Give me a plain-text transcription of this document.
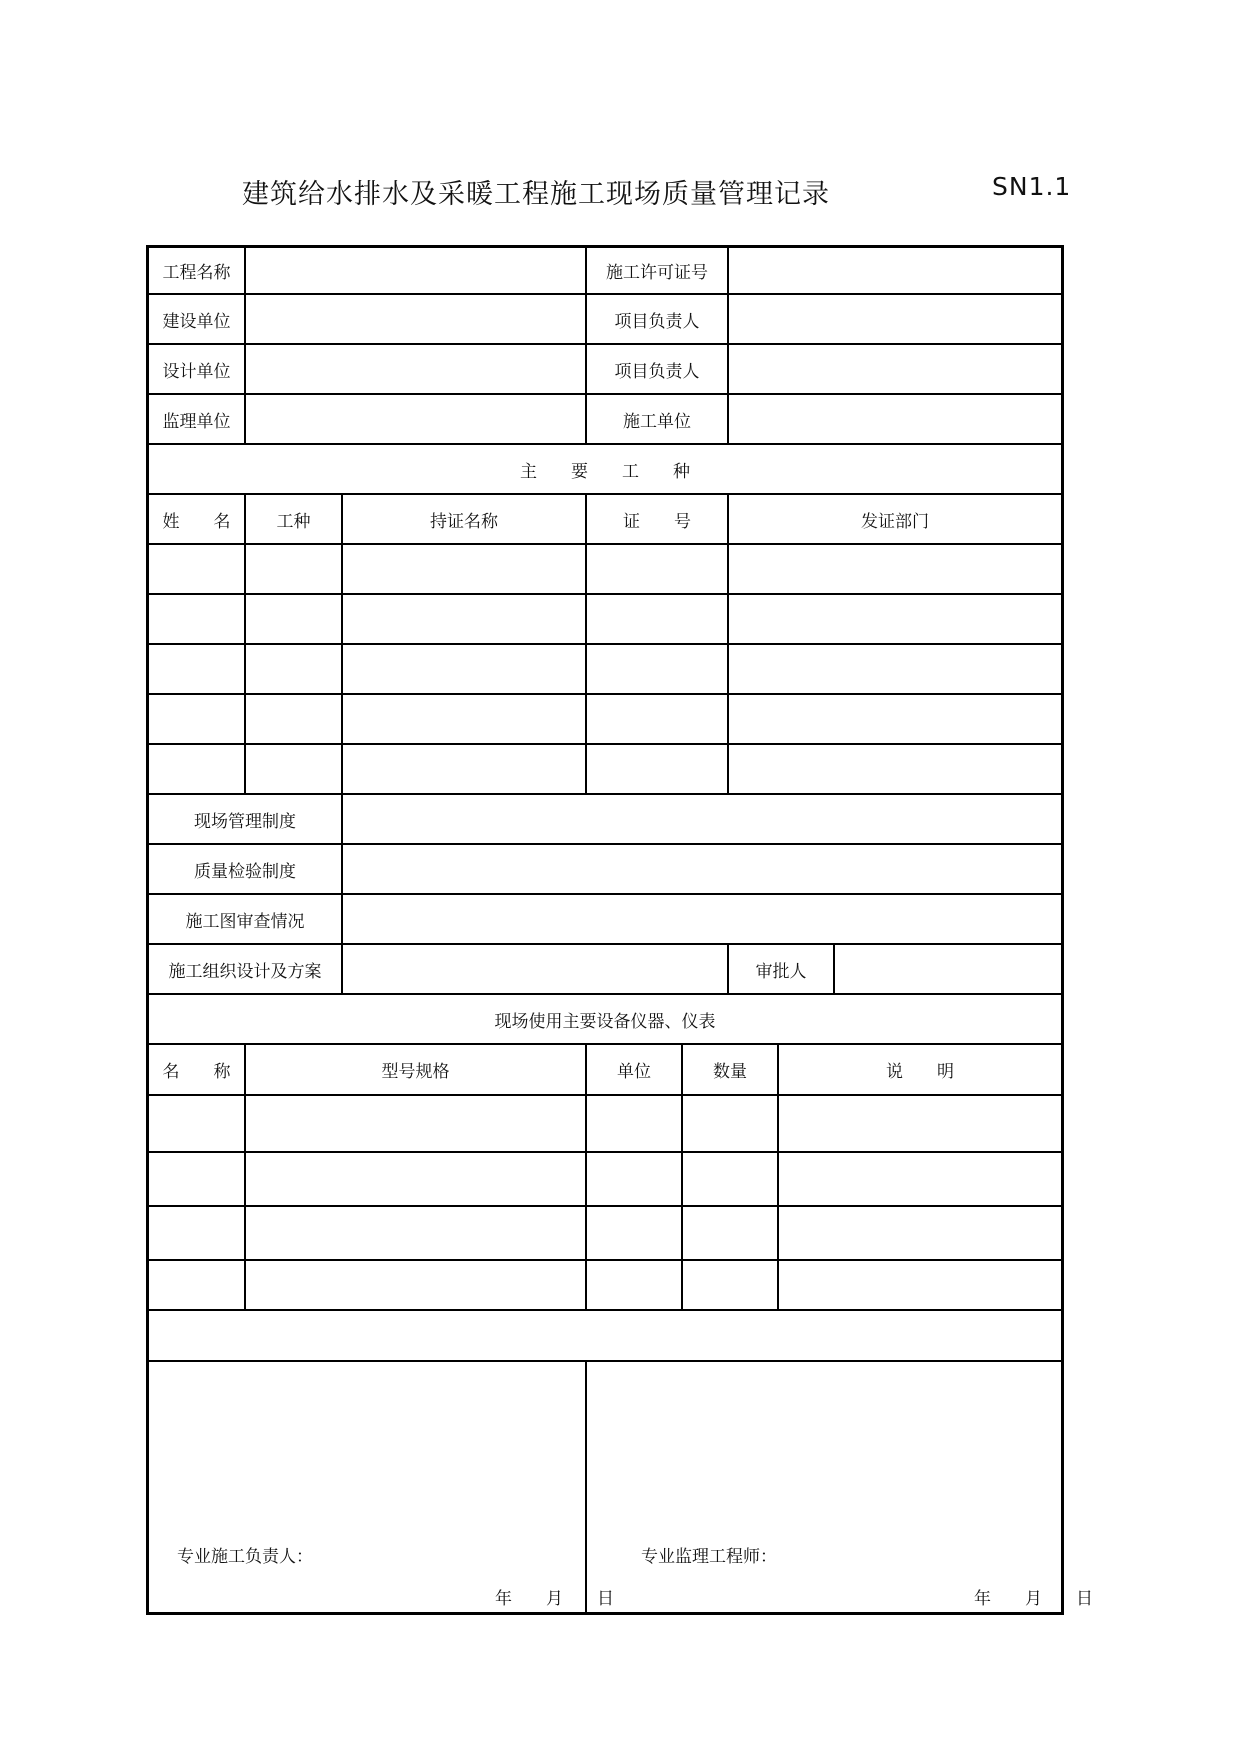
建筑给水排水及采暖工程施工现场质量管理记录	SN1.1
工程名称	施工许可证号
建设单位	项目负责人
设计单位	项目负责人
监理单位	施工单位
主　　要　　工　　种
姓　　名	工种	持证名称	证　　号	发证部门
现场管理制度
质量检验制度
施工图审查情况
施工组织设计及方案	审批人
现场使用主要设备仪器、仪表
名　　称	型号规格	单位	数量	说　　明
专业施工负责人：
年　　月　　日
专业监理工程师：
年　　月　　日
